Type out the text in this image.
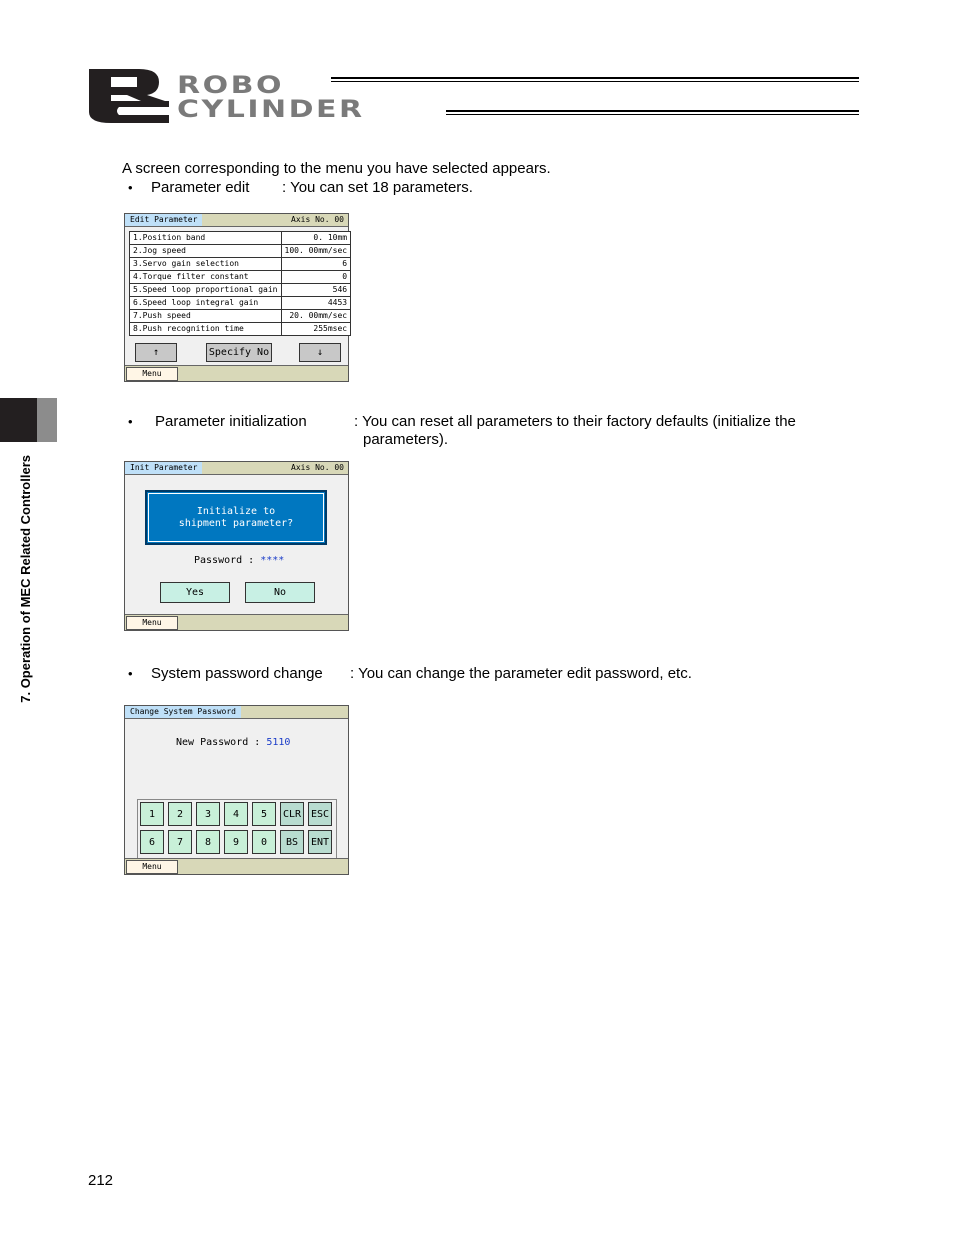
ROBO
CYLINDER
7. Operation of MEC Related Controllers
A screen corresponding to the menu you have selected appears.
• Parameter edit : You can set 18 parameters.
Edit Parameter	Axis No. 00
1.Position band	0. 10mm
2.Jog speed	100. 00mm/sec
3.Servo gain selection	6
4.Torque filter constant	0
5.Speed loop proportional gain	546
6.Speed loop integral gain	4453
7.Push speed	20. 00mm/sec
8.Push recognition time	255msec
↑	Specify No	↓
Menu
• Parameter initialization	: You can reset all parameters to their factory defaults (initialize the
parameters).
Init Parameter	Axis No. 00
Initialize to
shipment parameter?
Password : ****
Yes	No
Menu
• System password change : You can change the parameter edit password, etc.
Change System Password
New Password : 5110
1	2	3	4	5	CLR ESC
6	7	8	9	0	BS	ENT
Menu
212
